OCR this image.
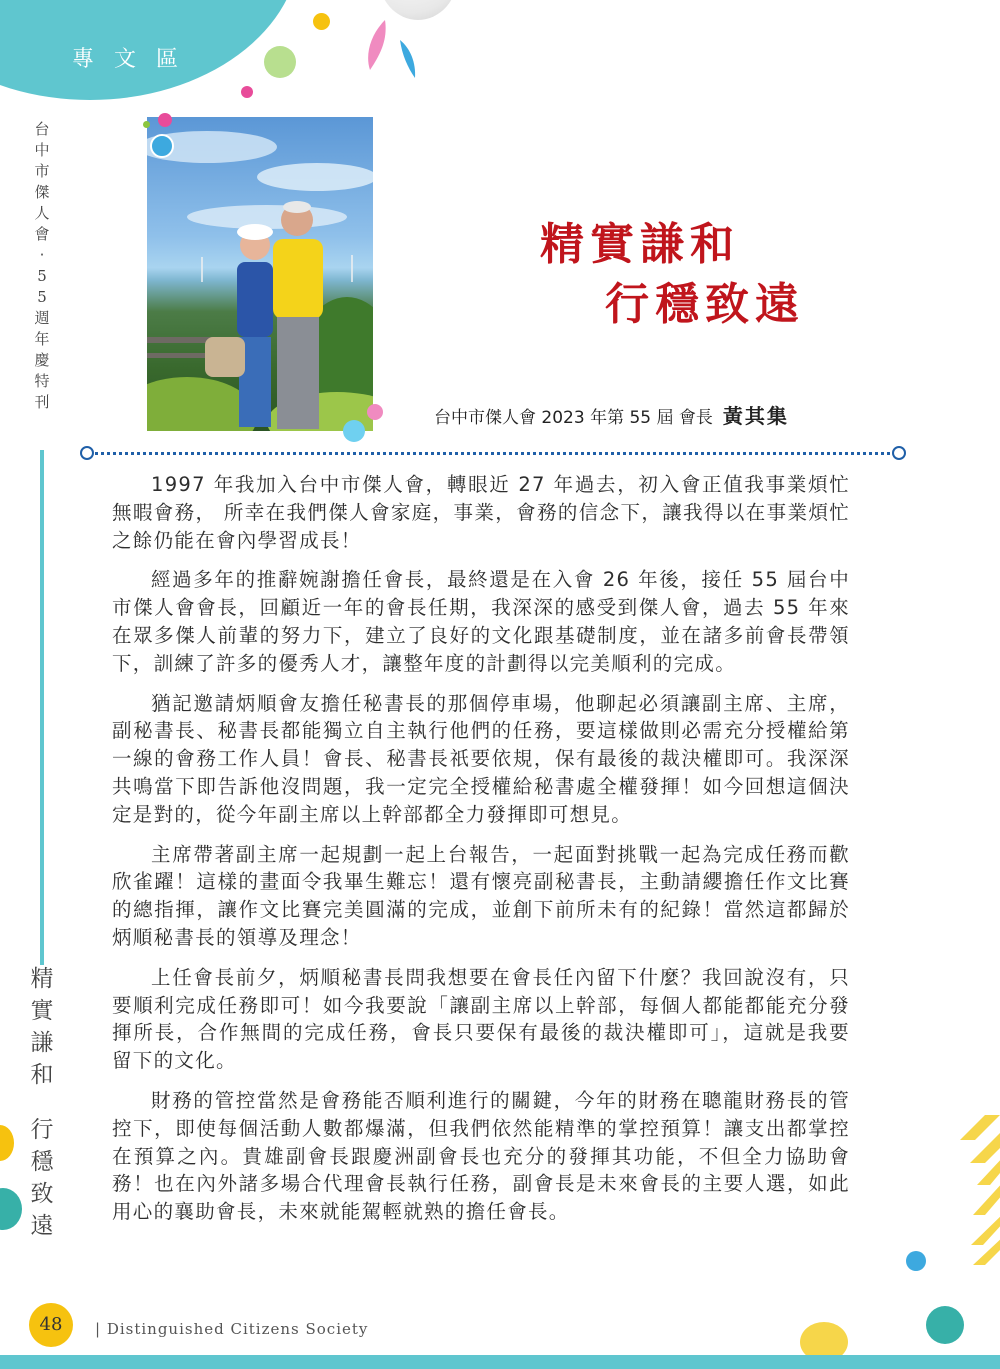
專文區
台
中
市
傑
人
會
‧
5
5
週
年
慶
特
刊
精
實
謙
和
行
穩
致
遠
精實謙和
行穩致遠
台中市傑人會 2023 年第 55 屆 會長 黃其集

1997 年我加入台中市傑人會，轉眼近 27 年過去，初入會正值我事業煩忙無暇會務， 所幸在我們傑人會家庭，事業，會務的信念下，讓我得以在事業煩忙之餘仍能在會內學習成長！

經過多年的推辭婉謝擔任會長，最終還是在入會 26 年後，接任 55 屆台中市傑人會會長，回顧近一年的會長任期，我深深的感受到傑人會，過去 55 年來在眾多傑人前輩的努力下，建立了良好的文化跟基礎制度，並在諸多前會長帶領下，訓練了許多的優秀人才，讓整年度的計劃得以完美順利的完成。

猶記邀請炳順會友擔任秘書長的那個停車場，他聊起必須讓副主席、主席，副秘書長、秘書長都能獨立自主執行他們的任務，要這樣做則必需充分授權給第一線的會務工作人員！會長、秘書長祇要依規，保有最後的裁決權即可。我深深共鳴當下即告訴他沒問題，我一定完全授權給秘書處全權發揮！如今回想這個決定是對的，從今年副主席以上幹部都全力發揮即可想見。

主席帶著副主席一起規劃一起上台報告，一起面對挑戰一起為完成任務而歡欣雀躍！這樣的畫面令我畢生難忘！還有懷亮副秘書長，主動請纓擔任作文比賽的總指揮，讓作文比賽完美圓滿的完成，並創下前所未有的紀錄！當然這都歸於炳順秘書長的領導及理念！

上任會長前夕，炳順秘書長問我想要在會長任內留下什麼？我回說沒有，只要順利完成任務即可！如今我要說「讓副主席以上幹部，每個人都能都能充分發揮所長，合作無間的完成任務，會長只要保有最後的裁決權即可」，這就是我要留下的文化。

財務的管控當然是會務能否順利進行的關鍵，今年的財務在聰龍財務長的管控下，即使每個活動人數都爆滿，但我們依然能精準的掌控預算！讓支出都掌控在預算之內。貴雄副會長跟慶洲副會長也充分的發揮其功能，不但全力協助會務！也在內外諸多場合代理會長執行任務，副會長是未來會長的主要人選，如此用心的襄助會長，未來就能駕輕就熟的擔任會長。

48	| Distinguished Citizens Society
